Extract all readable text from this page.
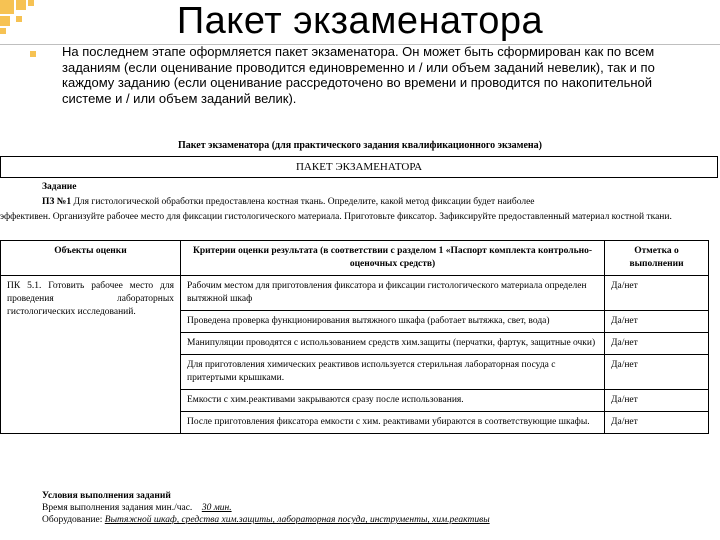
Пакет экзаменатора
На последнем этапе оформляется пакет экзаменатора. Он может быть сформирован как по всем заданиям (если оценивание проводится единовременно и / или объем заданий невелик), так и по каждому заданию (если оценивание рассредоточено во времени и проводится по накопительной системе и / или объем заданий велик).
Пакет экзаменатора (для практического задания квалификационного экзамена)
ПАКЕТ ЭКЗАМЕНАТОРА
Задание
ПЗ №1 Для гистологической обработки предоставлена костная ткань. Определите, какой метод фиксации будет наиболее
эффективен. Организуйте рабочее место для фиксации гистологического материала. Приготовьте фиксатор. Зафиксируйте предоставленный материал костной ткани.
Объекты оценки	Критерии оценки результата (в соответствии с разделом 1 «Паспорт комплекта контрольно-оценочных средств)	Отметка о выполнении
ПК 5.1. Готовить рабочее место для проведения лабораторных гистологических исследований.	Рабочим местом для приготовления фиксатора и фиксации гистологического материала определен вытяжной шкаф	Да/нет
	Проведена проверка функционирования вытяжного шкафа (работает вытяжка, свет, вода)	Да/нет
	Манипуляции проводятся с использованием средств хим.защиты (перчатки, фартук, защитные очки)	Да/нет
	Для приготовления химических реактивов используется стерильная лабораторная посуда с притертыми крышками.	Да/нет
	Емкости с хим.реактивами закрываются сразу после использования.	Да/нет
	После приготовления фиксатора емкости с хим. реактивами убираются в соответствующие шкафы.	Да/нет
Условия выполнения заданий
Время выполнения задания мин./час. 30 мин.
Оборудование: Вытяжной шкаф, средства хим.защиты, лабораторная посуда, инструменты, хим.реактивы
